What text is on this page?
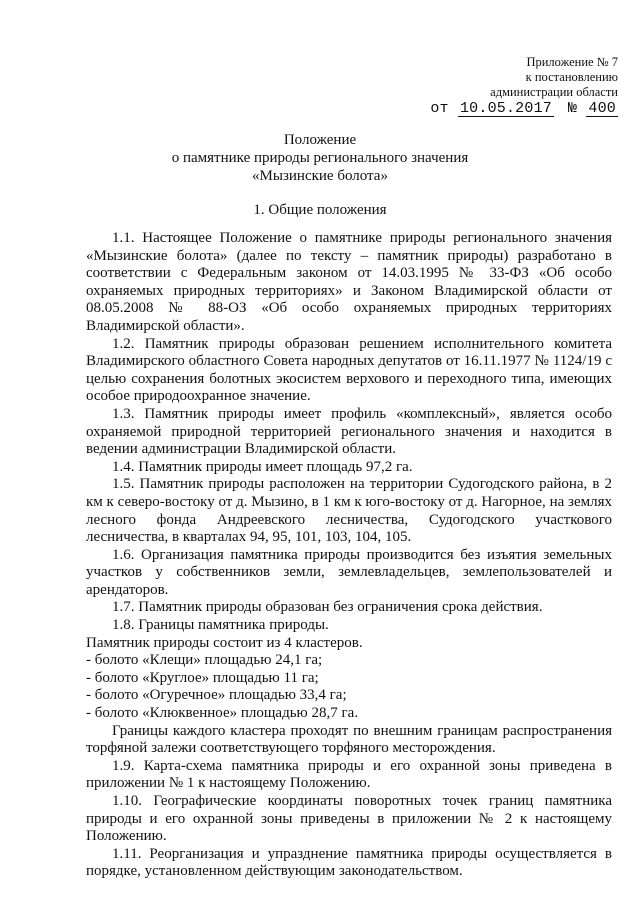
Приложение № 7
к постановлению
администрации области
от 10.05.2017 № 400
Положение
о памятнике природы регионального значения
«Мызинские болота»
1. Общие положения

1.1. Настоящее Положение о памятнике природы регионального значения «Мызинские болота» (далее по тексту – памятник природы) разработано в соответствии с Федеральным законом от 14.03.1995 № 33-ФЗ «Об особо охраняемых природных территориях» и Законом Владимирской области от 08.05.2008 № 88-ОЗ «Об особо охраняемых природных территориях Владимирской области».

1.2. Памятник природы образован решением исполнительного комитета Владимирского областного Совета народных депутатов от 16.11.1977 № 1124/19 с целью сохранения болотных экосистем верхового и переходного типа, имеющих особое природоохранное значение.

1.3. Памятник природы имеет профиль «комплексный», является особо охраняемой природной территорией регионального значения и находится в ведении администрации Владимирской области.

1.4. Памятник природы имеет площадь 97,2 га.

1.5. Памятник природы расположен на территории Судогодского района, в 2 км к северо-востоку от д. Мызино, в 1 км к юго-востоку от д. Нагорное, на землях лесного фонда Андреевского лесничества, Судогодского участкового лесничества, в кварталах 94, 95, 101, 103, 104, 105.

1.6. Организация памятника природы производится без изъятия земельных участков у собственников земли, землевладельцев, землепользователей и арендаторов.

1.7. Памятник природы образован без ограничения срока действия.

1.8. Границы памятника природы.

Памятник природы состоит из 4 кластеров.

- болото «Клещи» площадью 24,1 га;

- болото «Круглое» площадью 11 га;

- болото «Огуречное» площадью 33,4 га;

- болото «Клюквенное» площадью 28,7 га.

Границы каждого кластера проходят по внешним границам распространения торфяной залежи соответствующего торфяного месторождения.

1.9. Карта-схема памятника природы и его охранной зоны приведена в приложении № 1 к настоящему Положению.

1.10. Географические координаты поворотных точек границ памятника природы и его охранной зоны приведены в приложении № 2 к настоящему Положению.

1.11. Реорганизация и упразднение памятника природы осуществляется в порядке, установленном действующим законодательством.
